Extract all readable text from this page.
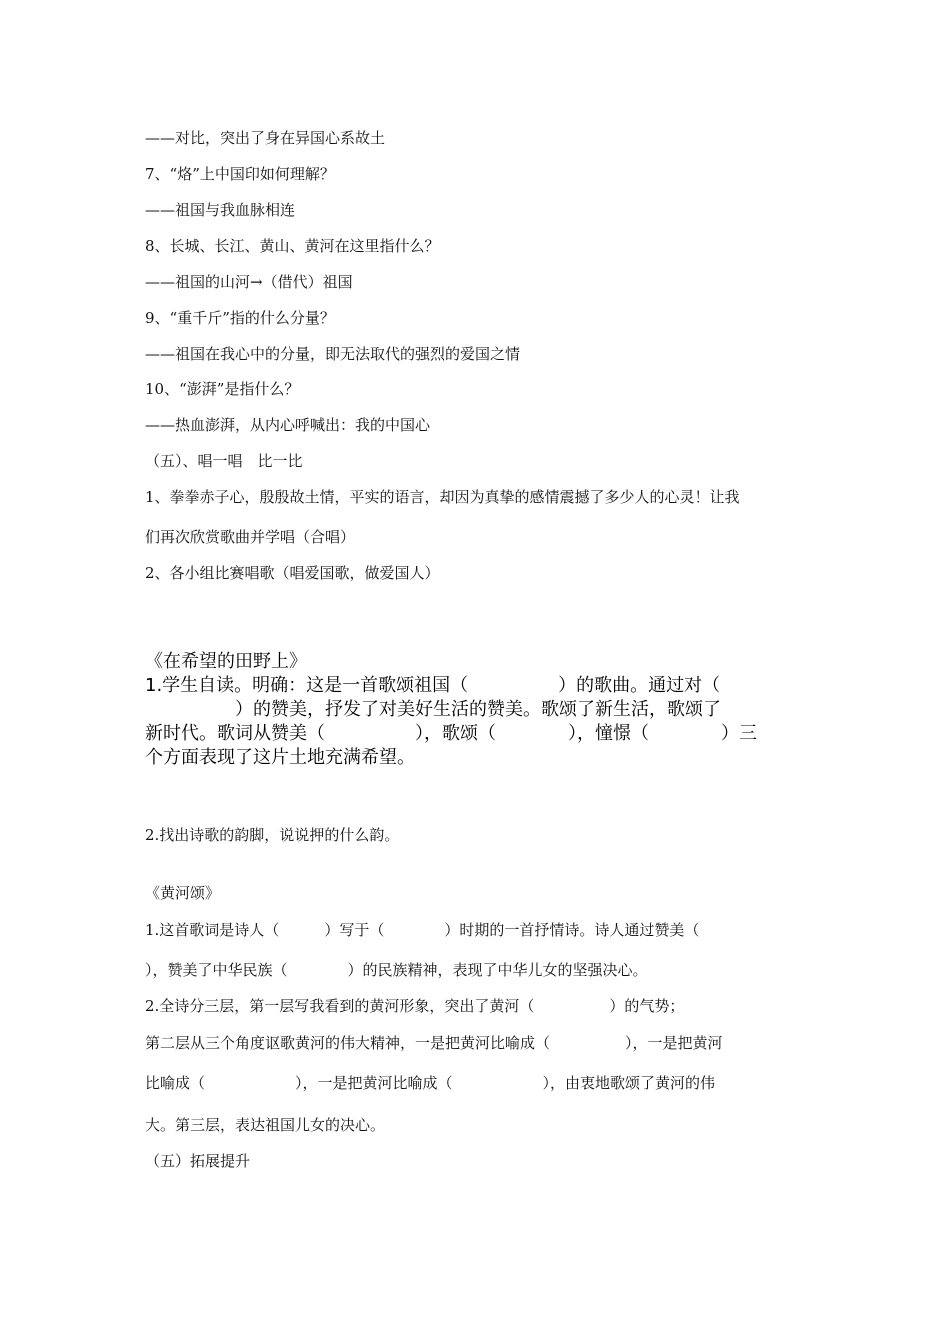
——对比，突出了身在异国心系故土
7、“烙”上中国印如何理解？
——祖国与我血脉相连
8、长城、长江、黄山、黄河在这里指什么？
——祖国的山河→（借代）祖国
9、“重千斤”指的什么分量？
——祖国在我心中的分量，即无法取代的强烈的爱国之情
10、“澎湃”是指什么？
——热血澎湃，从内心呼喊出：我的中国心
（五）、唱一唱　比一比
1、拳拳赤子心，殷殷故土情，平实的语言，却因为真挚的感情震撼了多少人的心灵！让我
们再次欣赏歌曲并学唱（合唱）
2、各小组比赛唱歌（唱爱国歌，做爱国人）
《在希望的田野上》
1.学生自读。明确：这是一首歌颂祖国（　　　　　）的歌曲。通过对（
　　　　　）的赞美，抒发了对美好生活的赞美。歌颂了新生活，歌颂了
新时代。歌词从赞美（　　　　　），歌颂（　　　　），憧憬（　　　　）三
个方面表现了这片土地充满希望。
2.找出诗歌的韵脚，说说押的什么韵。
《黄河颂》
1.这首歌词是诗人（　　　）写于（　　　　）时期的一首抒情诗。诗人通过赞美（
），赞美了中华民族（　　　　）的民族精神，表现了中华儿女的坚强决心。
2.全诗分三层，第一层写我看到的黄河形象，突出了黄河（　　　　　）的气势；
第二层从三个角度讴歌黄河的伟大精神，一是把黄河比喻成（　　　　　），一是把黄河
比喻成（　　　　　　），一是把黄河比喻成（　　　　　　），由衷地歌颂了黄河的伟
大。第三层，表达祖国儿女的决心。
（五）拓展提升
